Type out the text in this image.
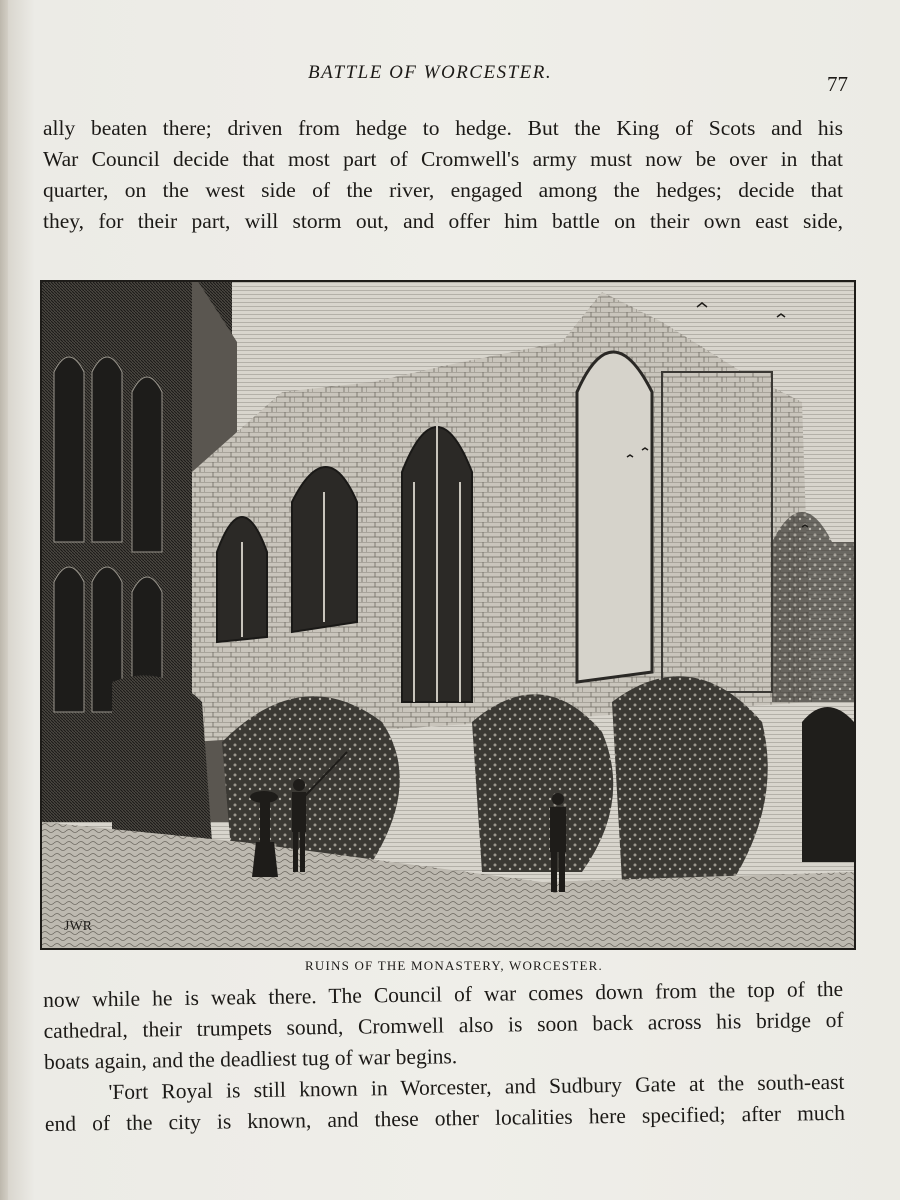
BATTLE OF WORCESTER.	77
ally beaten there; driven from hedge to hedge. But the King of Scots and his
War Council decide that most part of Cromwell's army must now be over in that
quarter, on the west side of the river, engaged among the hedges; decide that
they, for their part, will storm out, and offer him battle on their own east side,
JWR
RUINS OF THE MONASTERY, WORCESTER.
now while he is weak there. The Council of war comes down from the top of the
cathedral, their trumpets sound, Cromwell also is soon back across his bridge of
boats again, and the deadliest tug of war begins.
'Fort Royal is still known in Worcester, and Sudbury Gate at the south-east
end of the city is known, and these other localities here specified; after much
